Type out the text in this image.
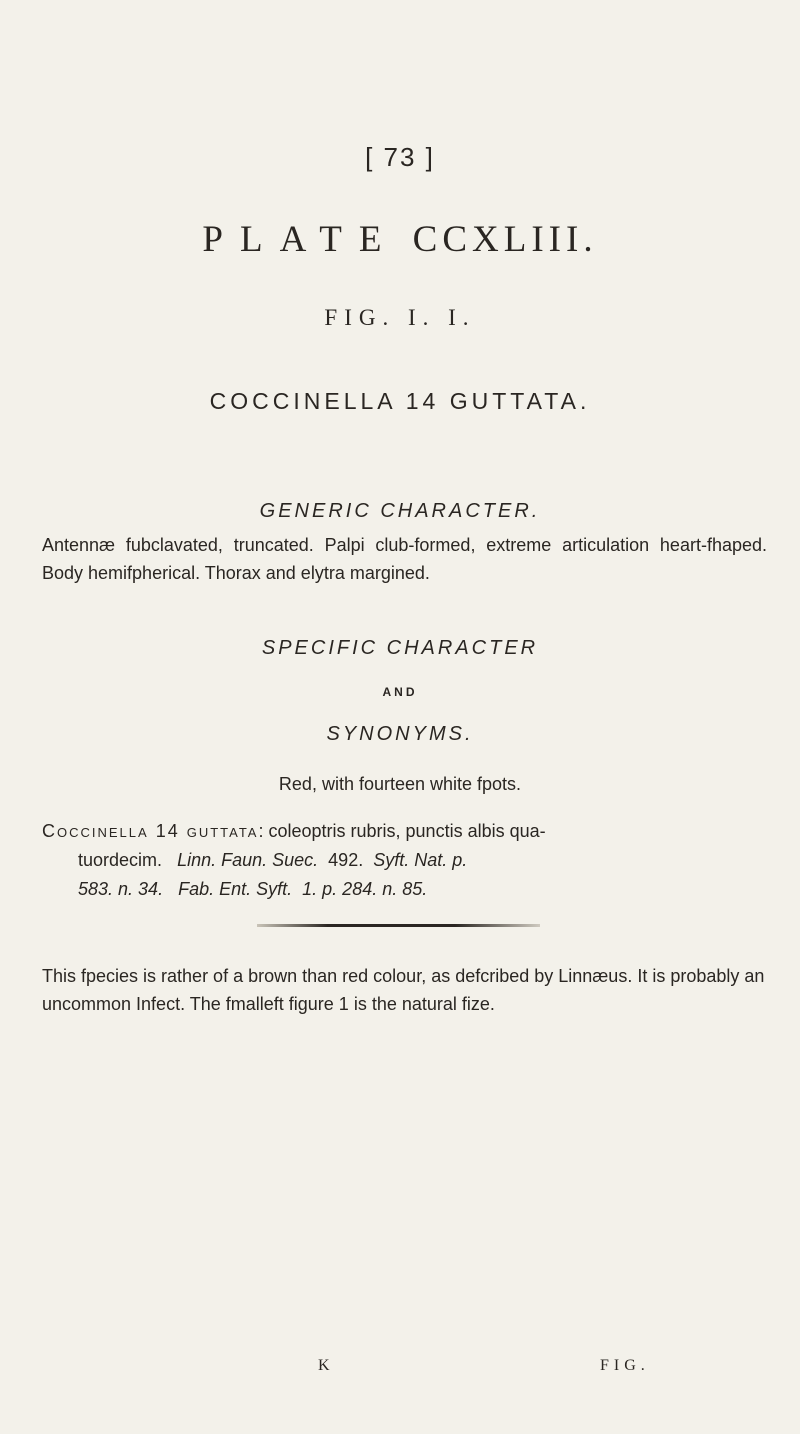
[ 73 ]
PLATE CCXLIII.
FIG. I. I.
COCCINELLA 14 GUTTATA.
GENERIC CHARACTER.
Antennæ fubclavated, truncated. Palpi club-formed, extreme articulation heart-fhaped. Body hemifpherical. Thorax and elytra margined.
SPECIFIC CHARACTER
AND
SYNONYMS.
Red, with fourteen white fpots.
Coccinella 14 guttata: coleoptris rubris, punctis albis qua-
tuordecim. Linn. Faun. Suec. 492. Syft. Nat. p.
583. n. 34. Fab. Ent. Syft. 1. p. 284. n. 85.
This fpecies is rather of a brown than red colour, as defcribed by Linnæus. It is probably an uncommon Infect. The fmalleft figure 1 is the natural fize.
K	FIG.
